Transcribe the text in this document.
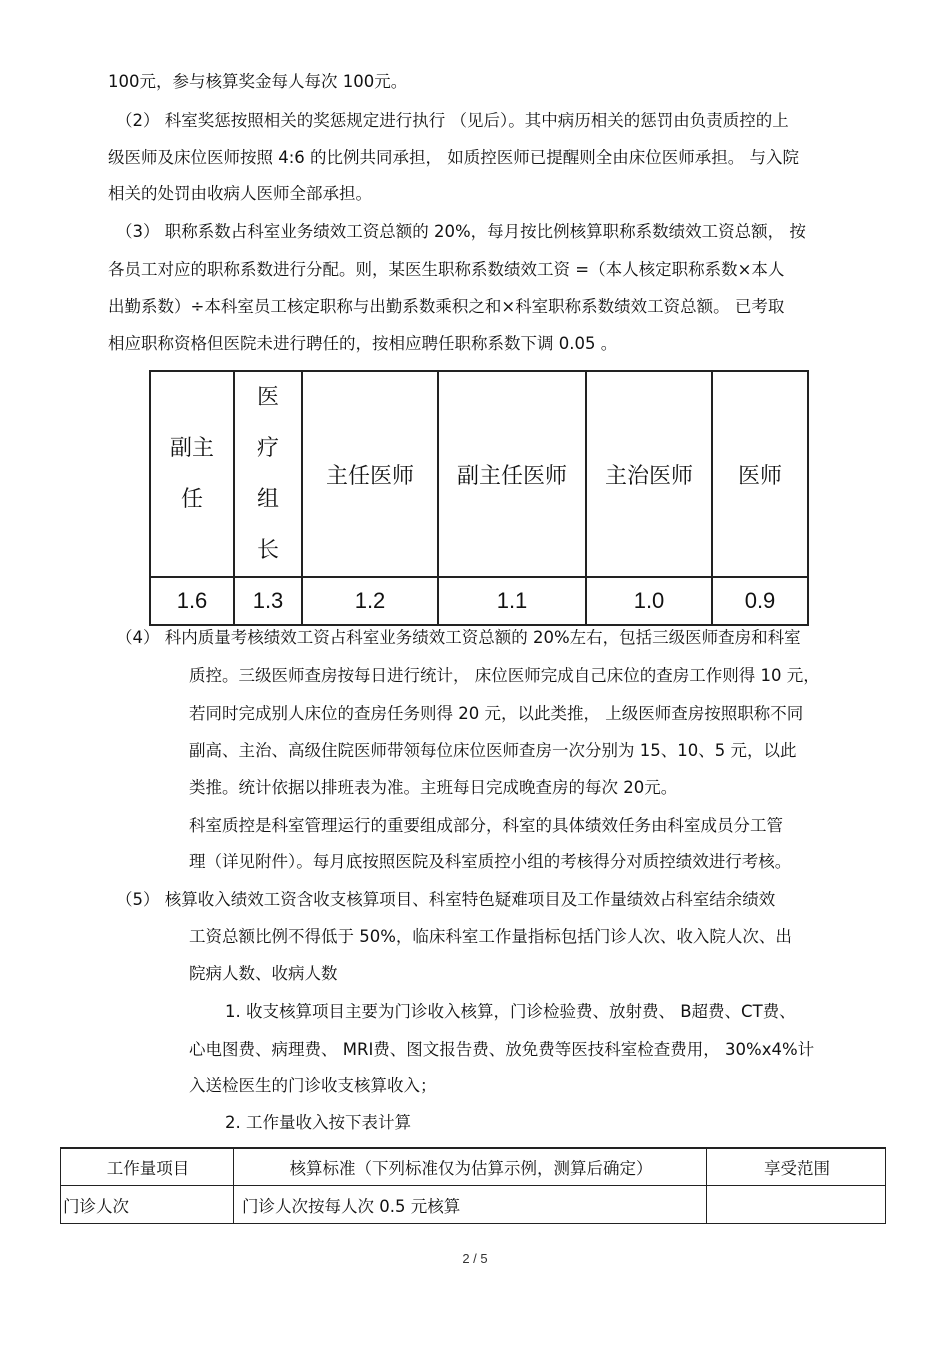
100元，参与核算奖金每人每次 100元。
（2） 科室奖惩按照相关的奖惩规定进行执行 （见后）。其中病历相关的惩罚由负责质控的上
级医师及床位医师按照 4:6 的比例共同承担， 如质控医师已提醒则全由床位医师承担。 与入院
相关的处罚由收病人医师全部承担。
（3） 职称系数占科室业务绩效工资总额的 20%，每月按比例核算职称系数绩效工资总额， 按
各员工对应的职称系数进行分配。则，某医生职称系数绩效工资 =（本人核定职称系数×本人
出勤系数）÷本科室员工核定职称与出勤系数乘积之和×科室职称系数绩效工资总额。 已考取
相应职称资格但医院未进行聘任的，按相应聘任职称系数下调 0.05 。
副主任	医疗组长	主任医师	副主任医师	主治医师	医师
1.6	1.3	1.2	1.1	1.0	0.9
（4） 科内质量考核绩效工资占科室业务绩效工资总额的 20%左右，包括三级医师查房和科室
质控。三级医师查房按每日进行统计， 床位医师完成自己床位的查房工作则得 10 元，
若同时完成别人床位的查房任务则得 20 元，以此类推， 上级医师查房按照职称不同
副高、主治、高级住院医师带领每位床位医师查房一次分别为 15、10、5 元，以此
类推。统计依据以排班表为准。主班每日完成晚查房的每次 20元。
科室质控是科室管理运行的重要组成部分，科室的具体绩效任务由科室成员分工管
理（详见附件）。每月底按照医院及科室质控小组的考核得分对质控绩效进行考核。
（5） 核算收入绩效工资含收支核算项目、科室特色疑难项目及工作量绩效占科室结余绩效
工资总额比例不得低于 50%，临床科室工作量指标包括门诊人次、收入院人次、出
院病人数、收病人数
1. 收支核算项目主要为门诊收入核算，门诊检验费、放射费、 B超费、CT费、
心电图费、病理费、 MRI费、图文报告费、放免费等医技科室检查费用， 30%x4%计
入送检医生的门诊收支核算收入；
2. 工作量收入按下表计算
工作量项目	核算标准（下列标准仅为估算示例，测算后确定）	享受范围
门诊人次	门诊人次按每人次 0.5 元核算	
2 / 5
